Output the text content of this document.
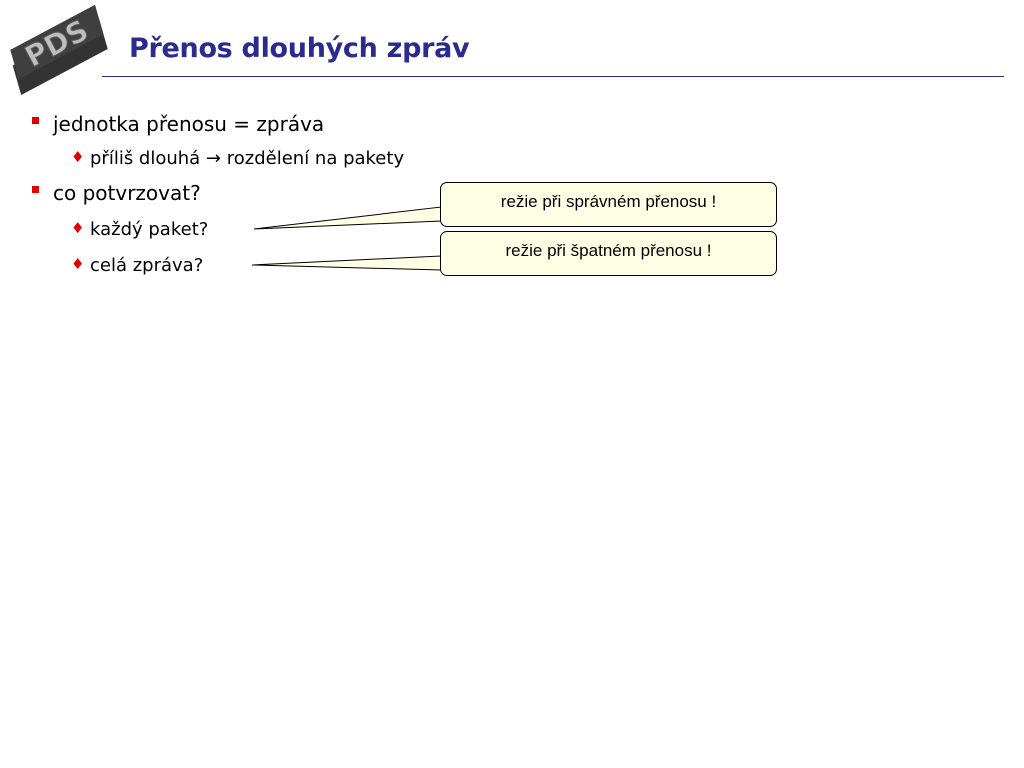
PDS Přenos dlouhých zpráv
jednotka přenosu = zpráva
♦ příliš dlouhá → rozdělení na pakety
co potvrzovat?
♦ každý paket?
♦ celá zpráva?
režie při správném přenosu !
režie při špatném přenosu !
